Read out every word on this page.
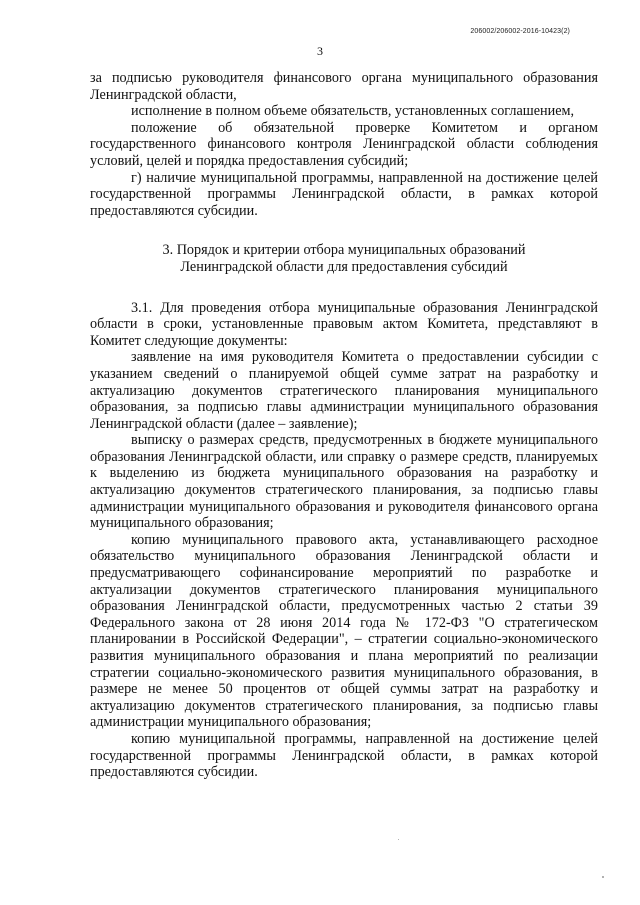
206002/206002-2016-10423(2)
3

за подписью руководителя финансового органа муниципального образования Ленинградской области,

исполнение в полном объеме обязательств, установленных соглашением,

положение об обязательной проверке Комитетом и органом государственного финансового контроля Ленинградской области соблюдения условий, целей и порядка предоставления субсидий;

г) наличие муниципальной программы, направленной на достижение целей государственной программы Ленинградской области, в рамках которой предоставляются субсидии.

3. Порядок и критерии отбора муниципальных образований
Ленинградской области для предоставления субсидий

3.1. Для проведения отбора муниципальные образования Ленинградской области в сроки, установленные правовым актом Комитета, представляют в Комитет следующие документы:

заявление на имя руководителя Комитета о предоставлении субсидии с указанием сведений о планируемой общей сумме затрат на разработку и актуализацию документов стратегического планирования муниципального образования, за подписью главы администрации муниципального образования Ленинградской области (далее – заявление);

выписку о размерах средств, предусмотренных в бюджете муниципального образования Ленинградской области, или справку о размере средств, планируемых к выделению из бюджета муниципального образования на разработку и актуализацию документов стратегического планирования, за подписью главы администрации муниципального образования и руководителя финансового органа муниципального образования;

копию муниципального правового акта, устанавливающего расходное обязательство муниципального образования Ленинградской области и предусматривающего софинансирование мероприятий по разработке и актуализации документов стратегического планирования муниципального образования Ленинградской области, предусмотренных частью 2 статьи 39 Федерального закона от 28 июня 2014 года № 172-ФЗ "О стратегическом планировании в Российской Федерации", – стратегии социально-экономического развития муниципального образования и плана мероприятий по реализации стратегии социально-экономического развития муниципального образования, в размере не менее 50 процентов от общей суммы затрат на разработку и актуализацию документов стратегического планирования, за подписью главы администрации муниципального образования;

копию муниципальной программы, направленной на достижение целей государственной программы Ленинградской области, в рамках которой предоставляются субсидии.
